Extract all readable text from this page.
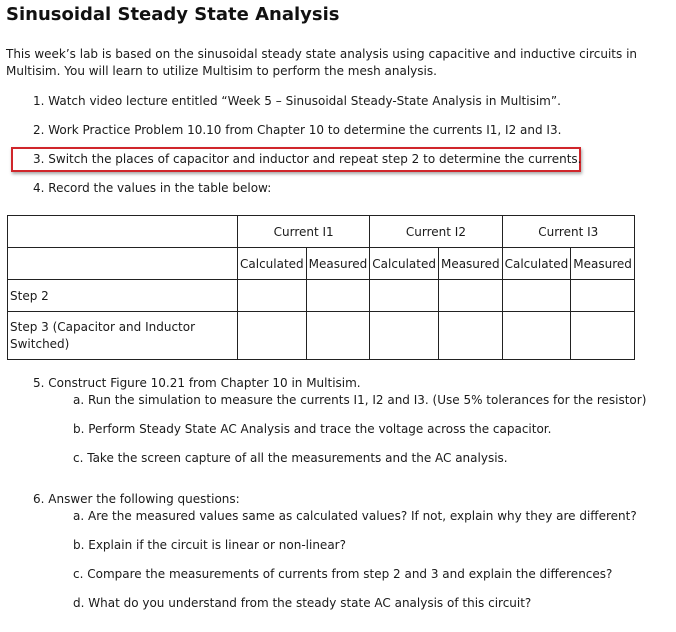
Sinusoidal Steady State Analysis
This week’s lab is based on the sinusoidal steady state analysis using capacitive and inductive circuits in
Multisim. You will learn to utilize Multisim to perform the mesh analysis.
1. Watch video lecture entitled “Week 5 – Sinusoidal Steady-State Analysis in Multisim”.
2. Work Practice Problem 10.10 from Chapter 10 to determine the currents I1, I2 and I3.
3. Switch the places of capacitor and inductor and repeat step 2 to determine the currents.
4. Record the values in the table below:
	Current I1		Current I2		Current I3	
	Calculated	Measured	Calculated	Measured	Calculated	Measured
Step 2						

Step 3 (Capacitor and Inductor
Switched)						

5. Construct Figure 10.21 from Chapter 10 in Multisim.
a. Run the simulation to measure the currents I1, I2 and I3. (Use 5% tolerances for the resistor)
b. Perform Steady State AC Analysis and trace the voltage across the capacitor.
c. Take the screen capture of all the measurements and the AC analysis.
6. Answer the following questions:
a. Are the measured values same as calculated values? If not, explain why they are different?
b. Explain if the circuit is linear or non-linear?
c. Compare the measurements of currents from step 2 and 3 and explain the differences?
d. What do you understand from the steady state AC analysis of this circuit?
